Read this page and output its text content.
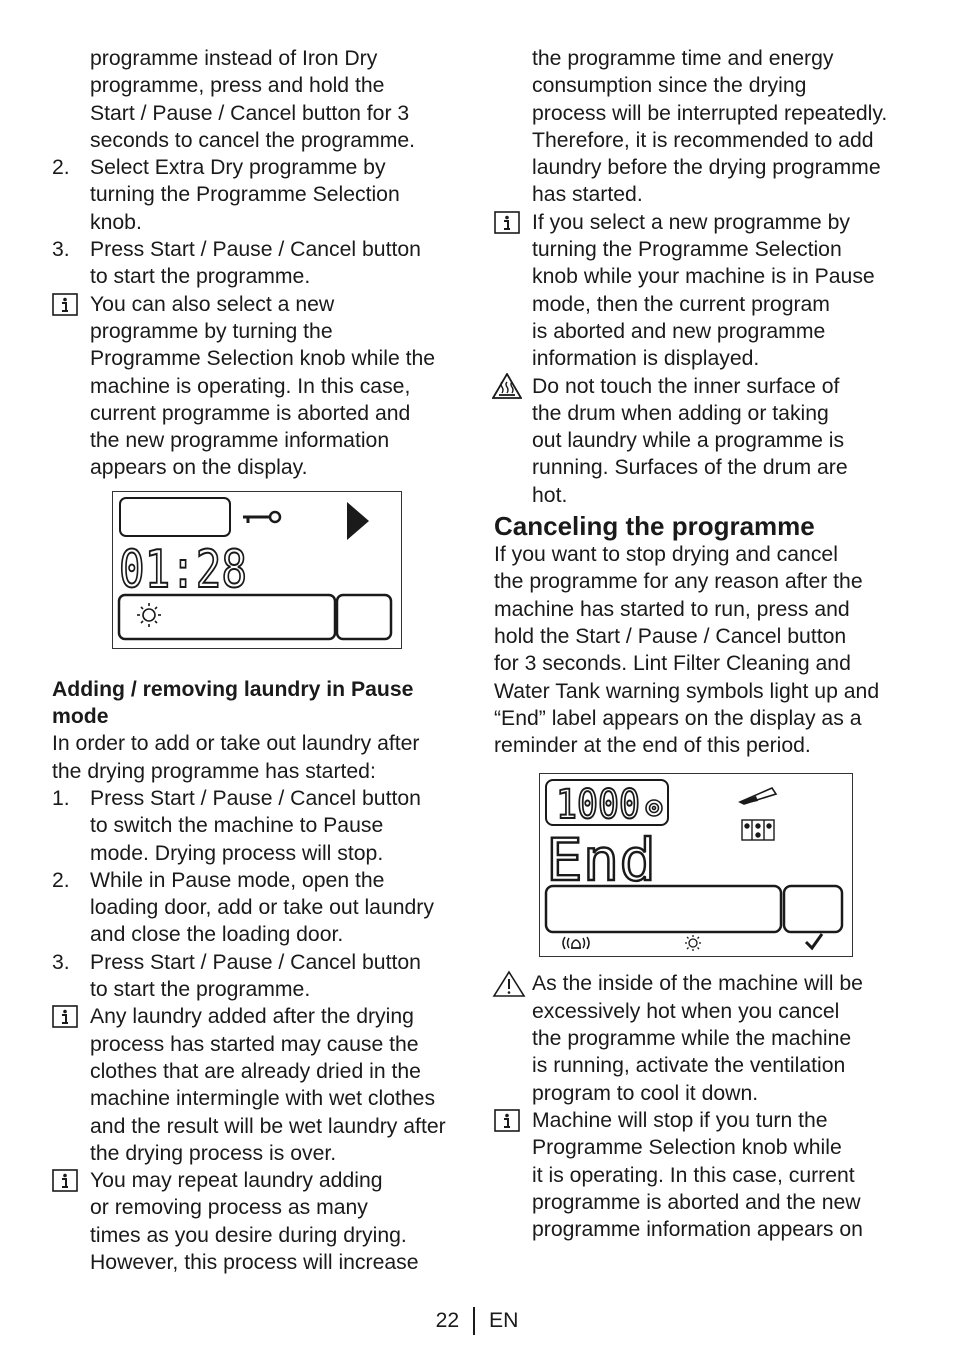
programme instead of Iron Dry
programme, press and hold the
Start / Pause / Cancel button for 3
seconds to cancel the programme.
2. Select Extra Dry programme by
turning the Programme Selection
knob.
3. Press Start / Pause / Cancel button
to start the programme.
You can also select a new
programme by turning the
Programme Selection knob while the
machine is operating. In this case,
current programme is aborted and
the new programme information
appears on the display.
01:28
Adding / removing laundry in Pause
mode
In order to add or take out laundry after
the drying programme has started:
1. Press Start / Pause / Cancel button
to switch the machine to Pause
mode. Drying process will stop.
2. While in Pause mode, open the
loading door, add or take out laundry
and close the loading door.
3. Press Start / Pause / Cancel button
to start the programme.
Any laundry added after the drying
process has started may cause the
clothes that are already dried in the
machine intermingle with wet clothes
and the result will be wet laundry after
the drying process is over.
You may repeat laundry adding
or removing process as many
times as you desire during drying.
However, this process will increase
the programme time and energy
consumption since the drying
process will be interrupted repeatedly.
Therefore, it is recommended to add
laundry before the drying programme
has started.
If you select a new programme by
turning the Programme Selection
knob while your machine is in Pause
mode, then the current program
is aborted and new programme
information is displayed.
Do not touch the inner surface of
the drum when adding or taking
out laundry while a programme is
running. Surfaces of the drum are
hot.
Canceling the programme
If you want to stop drying and cancel
the programme for any reason after the
machine has started to run, press and
hold the Start / Pause / Cancel button
for 3 seconds. Lint Filter Cleaning and
Water Tank warning symbols light up and
“End” label appears on the display as a
reminder at the end of this period.
1000
End
As the inside of the machine will be
excessively hot when you cancel
the programme while the machine
is running, activate the ventilation
program to cool it down.
Machine will stop if you turn the
Programme Selection knob while
it is operating. In this case, current
programme is aborted and the new
programme information appears on
22 EN
